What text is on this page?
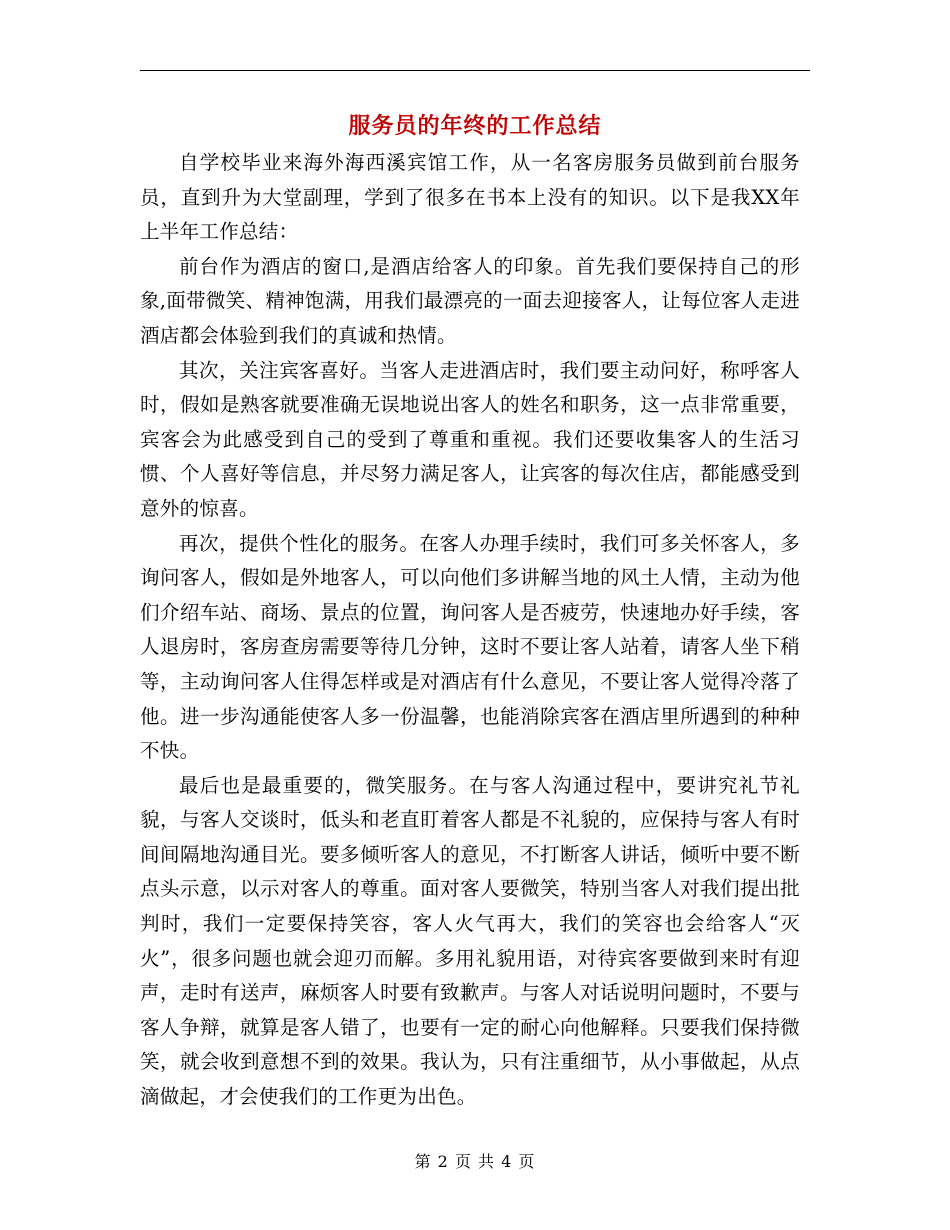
服务员的年终的工作总结

自学校毕业来海外海西溪宾馆工作，从一名客房服务员做到前台服务员，直到升为大堂副理，学到了很多在书本上没有的知识。以下是我XX年上半年工作总结：

前台作为酒店的窗口,是酒店给客人的印象。首先我们要保持自己的形象,面带微笑、精神饱满，用我们最漂亮的一面去迎接客人，让每位客人走进酒店都会体验到我们的真诚和热情。

其次，关注宾客喜好。当客人走进酒店时，我们要主动问好，称呼客人时，假如是熟客就要准确无误地说出客人的姓名和职务，这一点非常重要，宾客会为此感受到自己的受到了尊重和重视。我们还要收集客人的生活习惯、个人喜好等信息，并尽努力满足客人，让宾客的每次住店，都能感受到意外的惊喜。

再次，提供个性化的服务。在客人办理手续时，我们可多关怀客人，多询问客人，假如是外地客人，可以向他们多讲解当地的风土人情，主动为他们介绍车站、商场、景点的位置，询问客人是否疲劳，快速地办好手续，客人退房时，客房查房需要等待几分钟，这时不要让客人站着，请客人坐下稍等，主动询问客人住得怎样或是对酒店有什么意见，不要让客人觉得冷落了他。进一步沟通能使客人多一份温馨，也能消除宾客在酒店里所遇到的种种不快。

最后也是最重要的，微笑服务。在与客人沟通过程中，要讲究礼节礼貌，与客人交谈时，低头和老直盯着客人都是不礼貌的，应保持与客人有时间间隔地沟通目光。要多倾听客人的意见，不打断客人讲话，倾听中要不断点头示意，以示对客人的尊重。面对客人要微笑，特别当客人对我们提出批判时，我们一定要保持笑容，客人火气再大，我们的笑容也会给客人“灭火”，很多问题也就会迎刃而解。多用礼貌用语，对待宾客要做到来时有迎声，走时有送声，麻烦客人时要有致歉声。与客人对话说明问题时，不要与客人争辩，就算是客人错了，也要有一定的耐心向他解释。只要我们保持微笑，就会收到意想不到的效果。我认为，只有注重细节，从小事做起，从点滴做起，才会使我们的工作更为出色。

第 2 页 共 4 页
